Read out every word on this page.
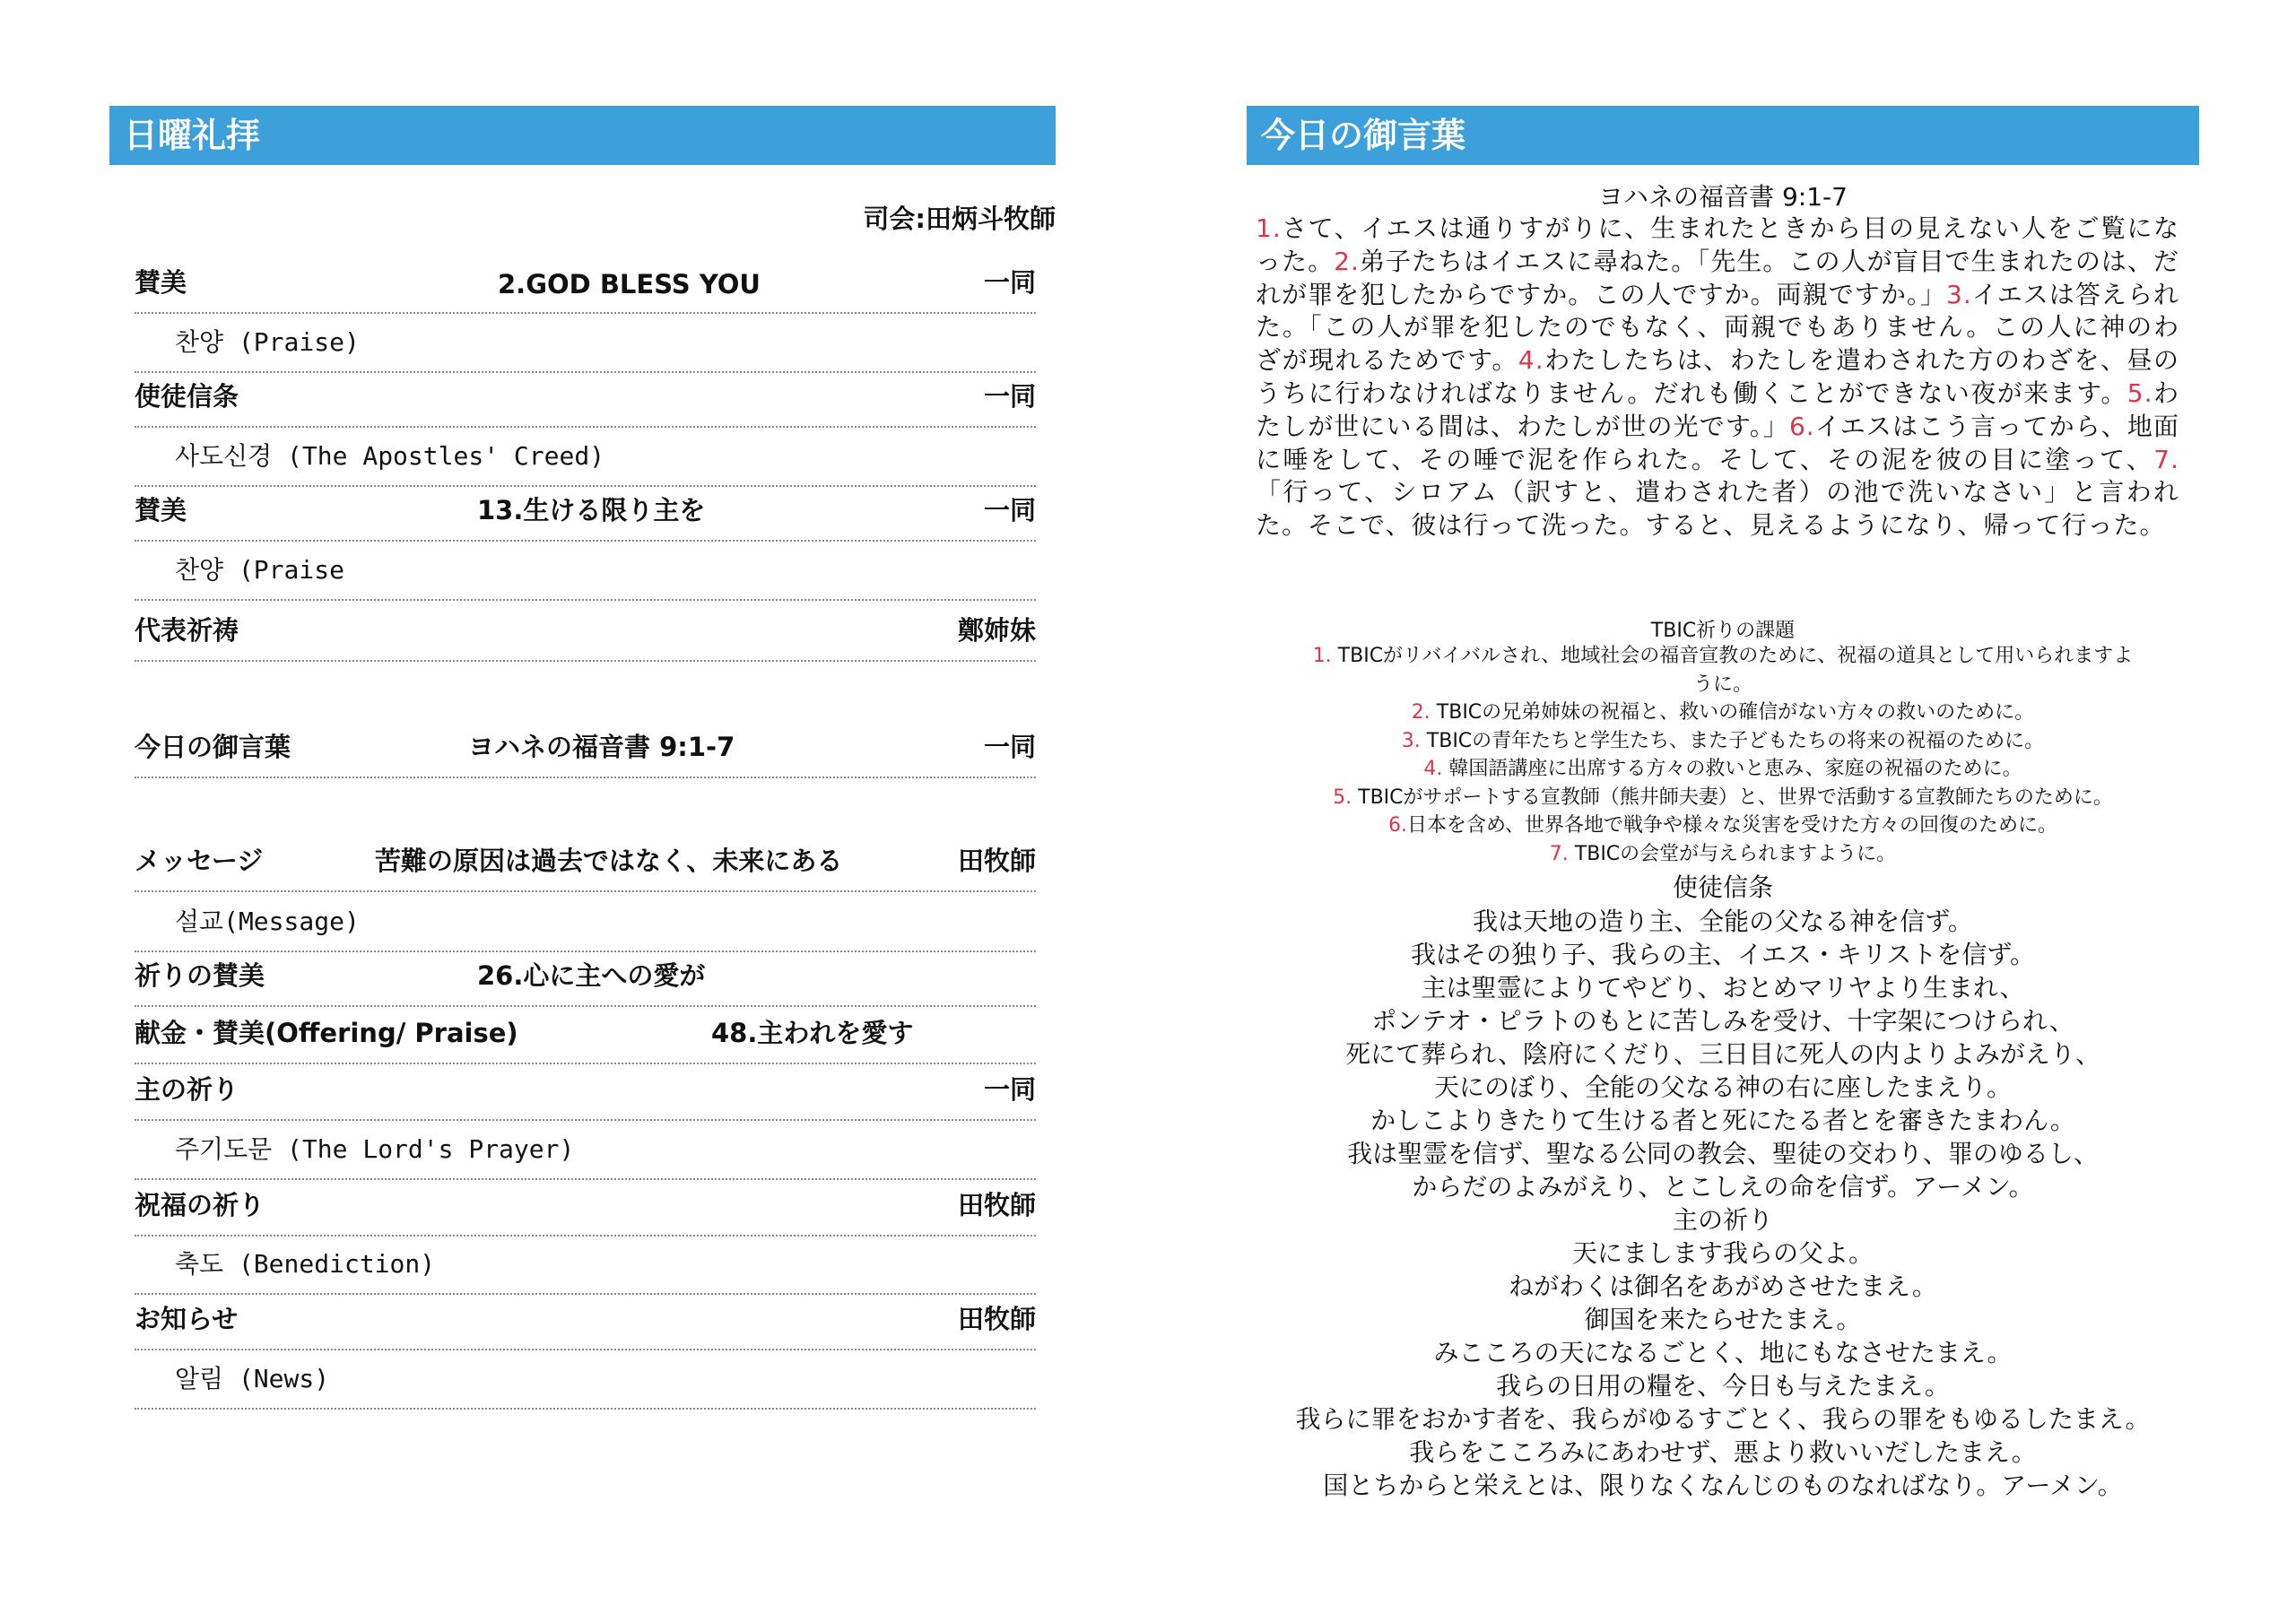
日曜礼拝
司会:田炳斗牧師
賛美	2.GOD BLESS YOU	一同
찬양 (Praise)
使徒信条	一同
사도신경 (The Apostles' Creed)
賛美	13.生ける限り主を	一同
찬양 (Praise
代表祈祷	鄭姉妹
今日の御言葉	ヨハネの福音書 9:1-7	一同
メッセージ	苦難の原因は過去ではなく、未来にある	田牧師
설교(Message)
祈りの賛美	26.心に主への愛が
献金・賛美(Offering/ Praise)	48.主われを愛す
主の祈り	一同
주기도문 (The Lord's Prayer)
祝福の祈り	田牧師
축도 (Benediction)
お知らせ	田牧師
알림 (News)
今日の御言葉
ヨハネの福音書 9:1-7
1.さて、イエスは通りすがりに、生まれたときから目の見えない人をご覧になった。2.弟子たちはイエスに尋ねた。「先生。この人が盲目で生まれたのは、だれが罪を犯したからですか。この人ですか。両親ですか。」3.イエスは答えられた。「この人が罪を犯したのでもなく、両親でもありません。この人に神のわざが現れるためです。4.わたしたちは、わたしを遣わされた方のわざを、昼のうちに行わなければなりません。だれも働くことができない夜が来ます。5.わたしが世にいる間は、わたしが世の光です。」6.イエスはこう言ってから、地面に唾をして、その唾で泥を作られた。そして、その泥を彼の目に塗って、7.「行って、シロアム（訳すと、遣わされた者）の池で洗いなさい」と言われた。そこで、彼は行って洗った。すると、見えるようになり、帰って行った。
TBIC祈りの課題
1. TBICがリバイバルされ、地域社会の福音宣教のために、祝福の道具として用いられますように。
2. TBICの兄弟姉妹の祝福と、救いの確信がない方々の救いのために。
3. TBICの青年たちと学生たち、また子どもたちの将来の祝福のために。
4. 韓国語講座に出席する方々の救いと恵み、家庭の祝福のために。
5. TBICがサポートする宣教師（熊井師夫妻）と、世界で活動する宣教師たちのために。
6.日本を含め、世界各地で戦争や様々な災害を受けた方々の回復のために。
7. TBICの会堂が与えられますように。
使徒信条
我は天地の造り主、全能の父なる神を信ず。
我はその独り子、我らの主、イエス・キリストを信ず。
主は聖霊によりてやどり、おとめマリヤより生まれ、
ポンテオ・ピラトのもとに苦しみを受け、十字架につけられ、
死にて葬られ、陰府にくだり、三日目に死人の内よりよみがえり、
天にのぼり、全能の父なる神の右に座したまえり。
かしこよりきたりて生ける者と死にたる者とを審きたまわん。
我は聖霊を信ず、聖なる公同の教会、聖徒の交わり、罪のゆるし、
からだのよみがえり、とこしえの命を信ず。アーメン。
主の祈り
天にまします我らの父よ。
ねがわくは御名をあがめさせたまえ。
御国を来たらせたまえ。
みこころの天になるごとく、地にもなさせたまえ。
我らの日用の糧を、今日も与えたまえ。
我らに罪をおかす者を、我らがゆるすごとく、我らの罪をもゆるしたまえ。
我らをこころみにあわせず、悪より救いいだしたまえ。
国とちからと栄えとは、限りなくなんじのものなればなり。アーメン。
